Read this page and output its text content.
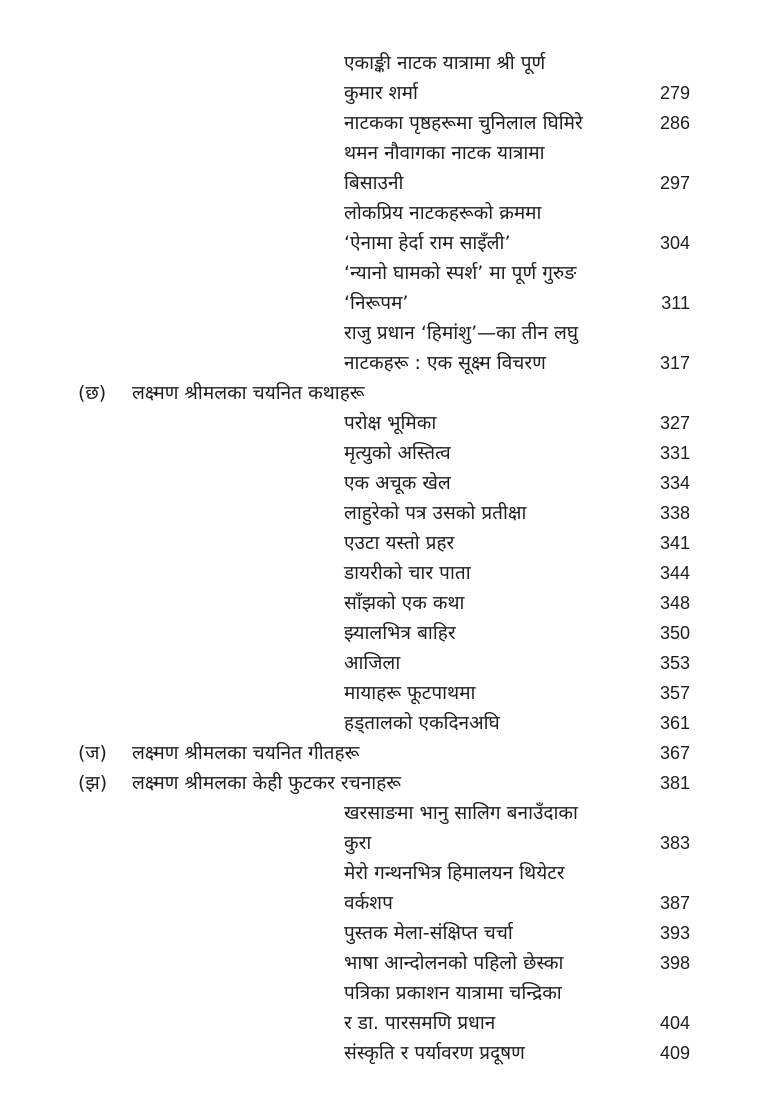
एकाङ्की नाटक यात्रामा श्री पूर्ण
कुमार शर्मा	279
नाटकका पृष्ठहरूमा चुनिलाल घिमिरे	286
थमन नौवागका नाटक यात्रामा
बिसाउनी	297
लोकप्रिय नाटकहरूको क्रममा
‘ऐनामा हेर्दा राम साइँली’	304
‘न्यानो घामको स्पर्श’ मा पूर्ण गुरुङ
‘निरूपम’	311
राजु प्रधान ‘हिमांशु’—का तीन लघु
नाटकहरू : एक सूक्ष्म विचरण	317
(छ) लक्ष्मण श्रीमलका चयनित कथाहरू
परोक्ष भूमिका	327
मृत्युको अस्तित्व	331
एक अचूक खेल	334
लाहुरेको पत्र उसको प्रतीक्षा	338
एउटा यस्तो प्रहर	341
डायरीको चार पाता	344
साँझको एक कथा	348
झ्यालभित्र बाहिर	350
आजिला	353
मायाहरू फूटपाथमा	357
हड्तालको एकदिनअघि	361
(ज) लक्ष्मण श्रीमलका चयनित गीतहरू	367
(झ) लक्ष्मण श्रीमलका केही फुटकर रचनाहरू	381
खरसाङमा भानु सालिग बनाउँदाका
कुरा	383
मेरो गन्थनभित्र हिमालयन थियेटर
वर्कशप	387
पुस्तक मेला-संक्षिप्त चर्चा	393
भाषा आन्दोलनको पहिलो छेस्का	398
पत्रिका प्रकाशन यात्रामा चन्द्रिका
र डा. पारसमणि प्रधान	404
संस्कृति र पर्यावरण प्रदूषण	409
